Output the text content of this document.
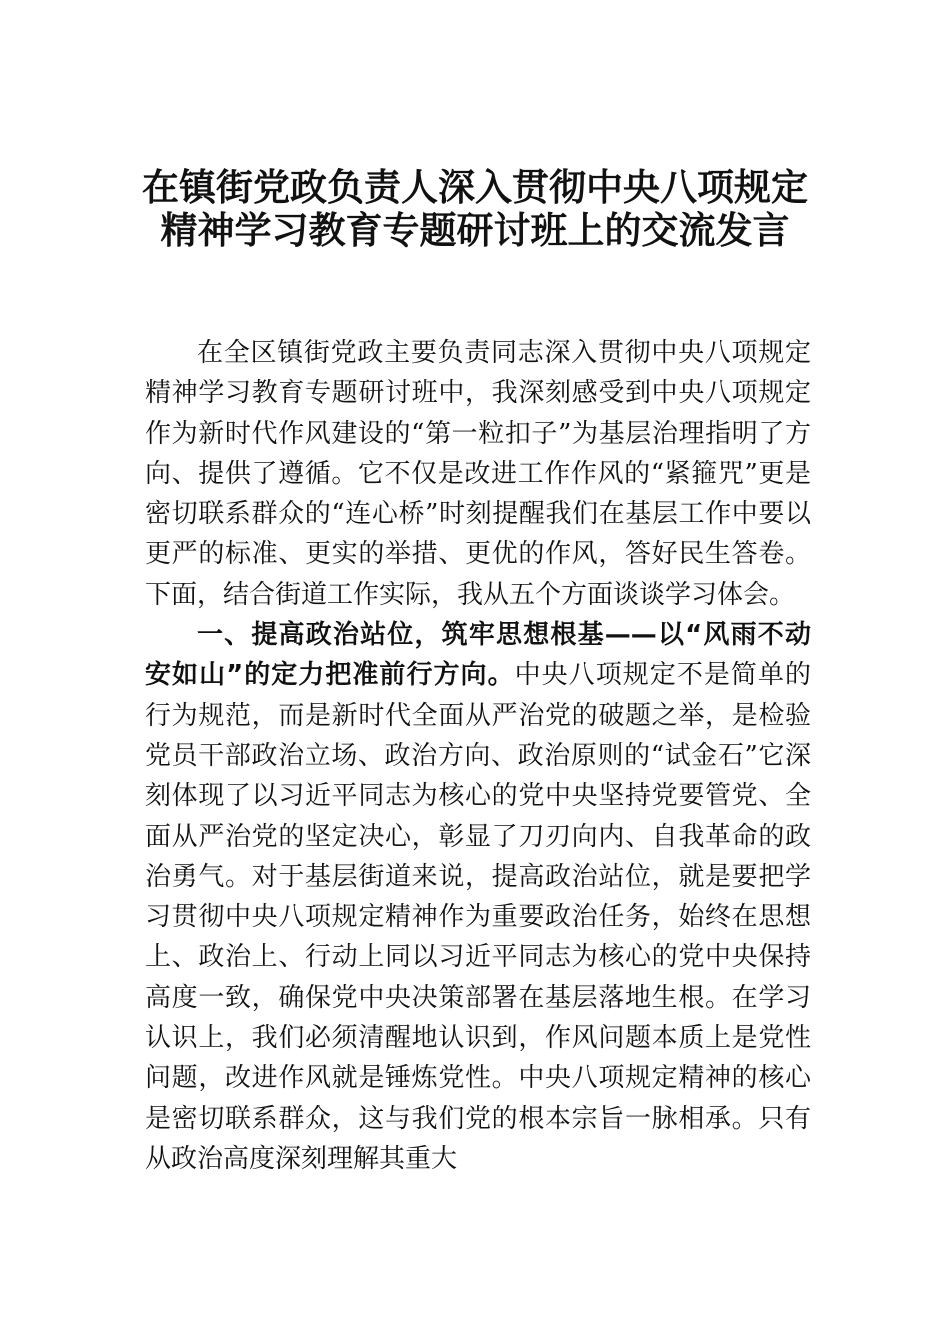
在镇街党政负责人深入贯彻中央八项规定
精神学习教育专题研讨班上的交流发言

在全区镇街党政主要负责同志深入贯彻中央八项规定精神学习教育专题研讨班中，我深刻感受到中央八项规定作为新时代作风建设的“第一粒扣子”为基层治理指明了方向、提供了遵循。它不仅是改进工作作风的“紧箍咒”更是密切联系群众的“连心桥”时刻提醒我们在基层工作中要以更严的标准、更实的举措、更优的作风，答好民生答卷。下面，结合街道工作实际，我从五个方面谈谈学习体会。

一、提高政治站位，筑牢思想根基——以“风雨不动安如山”的定力把准前行方向。中央八项规定不是简单的行为规范，而是新时代全面从严治党的破题之举，是检验党员干部政治立场、政治方向、政治原则的“试金石”它深刻体现了以习近平同志为核心的党中央坚持党要管党、全面从严治党的坚定决心，彰显了刀刃向内、自我革命的政治勇气。对于基层街道来说，提高政治站位，就是要把学习贯彻中央八项规定精神作为重要政治任务，始终在思想上、政治上、行动上同以习近平同志为核心的党中央保持高度一致，确保党中央决策部署在基层落地生根。在学习认识上，我们必须清醒地认识到，作风问题本质上是党性问题，改进作风就是锤炼党性。中央八项规定精神的核心是密切联系群众，这与我们党的根本宗旨一脉相承。只有从政治高度深刻理解其重大
